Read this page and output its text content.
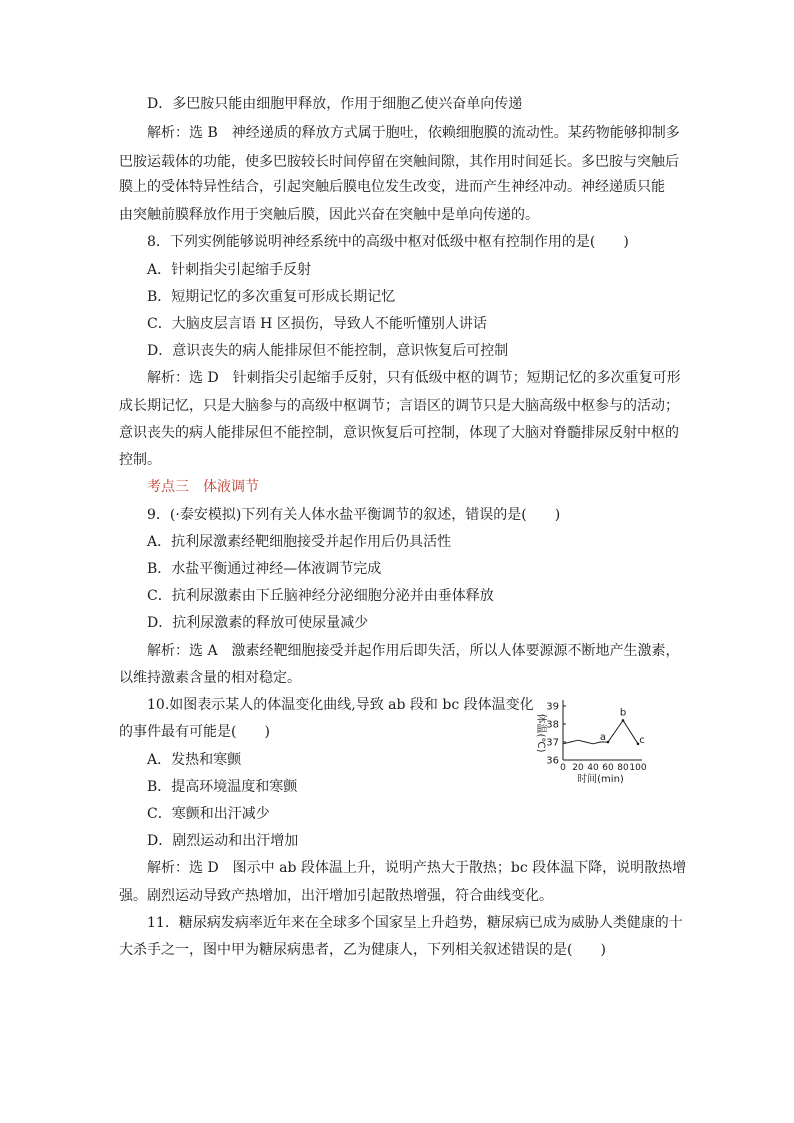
D．多巴胺只能由细胞甲释放，作用于细胞乙使兴奋单向传递
解析：选 B　神经递质的释放方式属于胞吐，依赖细胞膜的流动性。某药物能够抑制多
巴胺运载体的功能，使多巴胺较长时间停留在突触间隙，其作用时间延长。多巴胺与突触后
膜上的受体特异性结合，引起突触后膜电位发生改变，进而产生神经冲动。神经递质只能
由突触前膜释放作用于突触后膜，因此兴奋在突触中是单向传递的。
8．下列实例能够说明神经系统中的高级中枢对低级中枢有控制作用的是(　　)
A．针刺指尖引起缩手反射
B．短期记忆的多次重复可形成长期记忆
C．大脑皮层言语 H 区损伤，导致人不能听懂别人讲话
D．意识丧失的病人能排尿但不能控制，意识恢复后可控制
解析：选 D　针刺指尖引起缩手反射，只有低级中枢的调节；短期记忆的多次重复可形
成长期记忆，只是大脑参与的高级中枢调节；言语区的调节只是大脑高级中枢参与的活动；
意识丧失的病人能排尿但不能控制，意识恢复后可控制，体现了大脑对脊髓排尿反射中枢的
控制。
考点三 体液调节
9．(·泰安模拟)下列有关人体水盐平衡调节的叙述，错误的是(　　)
A．抗利尿激素经靶细胞接受并起作用后仍具活性
B．水盐平衡通过神经—体液调节完成
C．抗利尿激素由下丘脑神经分泌细胞分泌并由垂体释放
D．抗利尿激素的释放可使尿量减少
解析：选 A　激素经靶细胞接受并起作用后即失活，所以人体要源源不断地产生激素，
以维持激素含量的相对稳定。
10.如图表示某人的体温变化曲线,导致 ab 段和 bc 段体温变化
的事件最有可能是(　　)
A．发热和寒颤
B．提高环境温度和寒颤
C．寒颤和出汗减少
D．剧烈运动和出汗增加
解析：选 D　图示中 ab 段体温上升，说明产热大于散热；bc 段体温下降，说明散热增
强。剧烈运动导致产热增加，出汗增加引起散热增强，符合曲线变化。
11．糖尿病发病率近年来在全球多个国家呈上升趋势，糖尿病已成为威胁人类健康的十
大杀手之一，图中甲为糖尿病患者，乙为健康人，下列相关叙述错误的是(　　)
36
37
38
39
0 20 40 60 80 100
体温(℃)
时间(min)
a
b
c
